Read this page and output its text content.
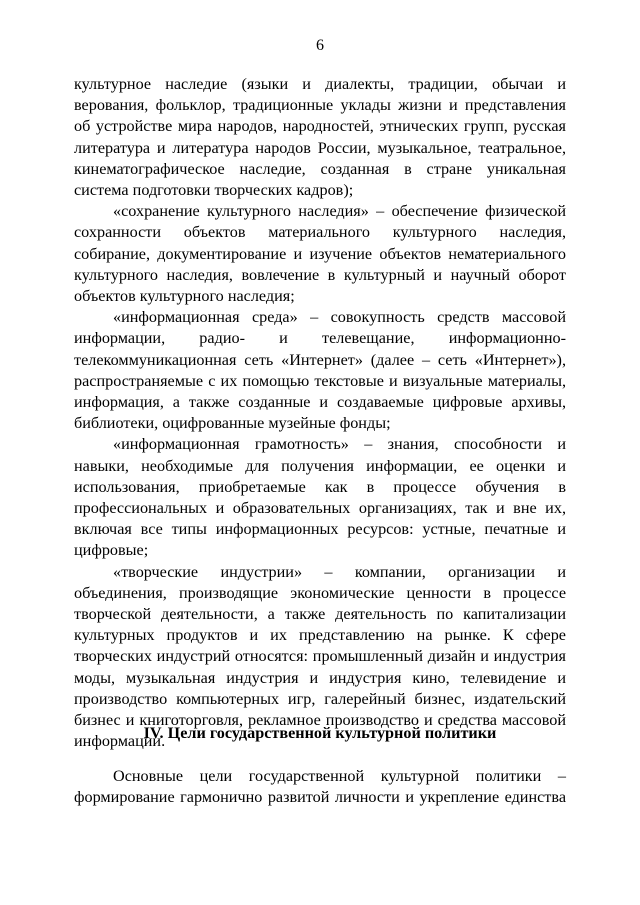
6

культурное наследие (языки и диалекты, традиции, обычаи и верования, фольклор, традиционные уклады жизни и представления об устройстве мира народов, народностей, этнических групп, русская литература и литература народов России, музыкальное, театральное, кинематографическое наследие, созданная в стране уникальная система подготовки творческих кадров);

«сохранение культурного наследия» – обеспечение физической сохранности объектов материального культурного наследия, собирание, документирование и изучение объектов нематериального культурного наследия, вовлечение в культурный и научный оборот объектов культурного наследия;

«информационная среда» – совокупность средств массовой информации, радио- и телевещание, информационно-телекоммуникационная сеть «Интернет» (далее – сеть «Интернет»), распространяемые с их помощью текстовые и визуальные материалы, информация, а также созданные и создаваемые цифровые архивы, библиотеки, оцифрованные музейные фонды;

«информационная грамотность» – знания, способности и навыки, необходимые для получения информации, ее оценки и использования, приобретаемые как в процессе обучения в профессиональных и образовательных организациях, так и вне их, включая все типы информационных ресурсов: устные, печатные и цифровые;

«творческие индустрии» – компании, организации и объединения, производящие экономические ценности в процессе творческой деятельности, а также деятельность по капитализации культурных продуктов и их представлению на рынке. К сфере творческих индустрий относятся: промышленный дизайн и индустрия моды, музыкальная индустрия и индустрия кино, телевидение и производство компьютерных игр, галерейный бизнес, издательский бизнес и книготорговля, рекламное производство и средства массовой информации.

IV. Цели государственной культурной политики

Основные цели государственной культурной политики – формирование гармонично развитой личности и укрепление единства
